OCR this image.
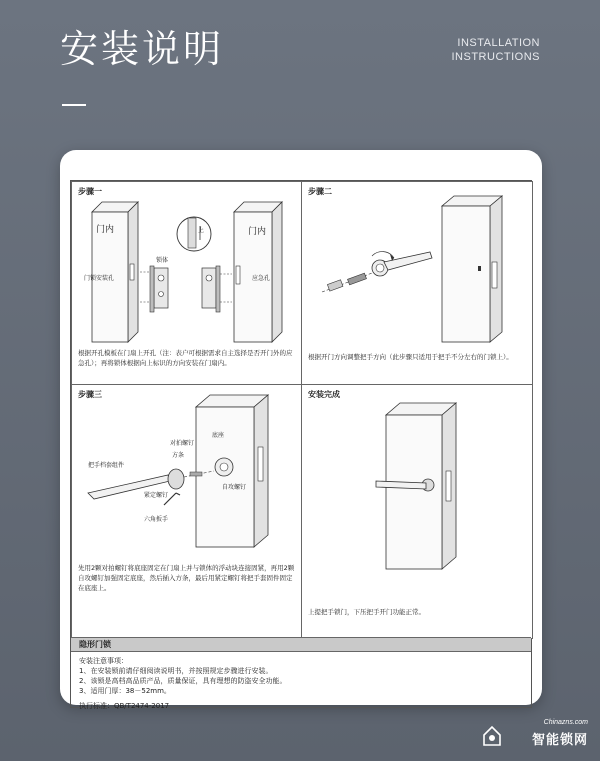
安装说明	INSTALLATION
INSTRUCTIONS
步骤一
门内
门锁安装孔
锁体
上	门内
应急孔
根据开孔模板在门扇上开孔（注：表户可根据需求自主选择是否开门外的应急孔）；再将锁体根据向上标识的方向安装在门扇内。
步骤二
根据开门方向调整把手方向（此步骤只适用于把手不分左右的门锁上）。
步骤三
把手档套组件
对拍螺钉
底座
方条
紧定螺钉
自攻螺钉
六角扳手
先用2颗对拍螺钉将底座固定在门扇上并与锁体的浮动块连接固紧，再用2颗自攻螺钉加强固定底座，然后插入方条，最后用紧定螺钉将把手套固件固定在底座上。
安装完成
上提把手锁门，下压把手开门功能正常。
隐形门锁
安装注意事项：
1、在安装锁前请仔细阅读说明书，并按照规定步骤进行安装。
2、该锁是高档高品质产品，质量保证，具有理想的防盗安全功能。
3、适用门厚：38－52mm。
执行标准：QB/T2474-2017
Chinazns.com
智能锁网
